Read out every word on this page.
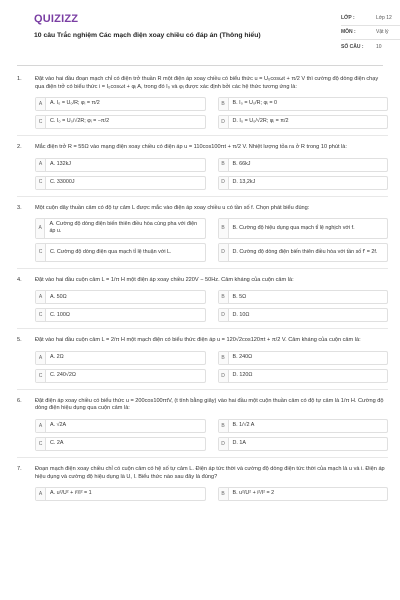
QUIZIZZ
10 câu Trắc nghiệm Các mạch điện xoay chiều có đáp án (Thông hiểu)
LỚP :	Lớp 12
MÔN :	Vật lý
SỐ CÂU :	10
1.	Đặt vào hai đầu đoạn mạch chỉ có điện trở thuần R một điện áp xoay chiều có biểu thức u = U₀cosωt + π/2 V thì cường độ dòng điện chạy qua điện trở có biểu thức i = I₀cosωt + φᵢ A, trong đó I₀ và φᵢ được xác định bởi các hệ thức tương ứng là:
A	A. I₀ = U₀/R; φᵢ = π/2	B	B. I₀ = U₀/R; φᵢ = 0
C	C. I₀ = U₀/√2R; φᵢ = −π/2	D	D. I₀ = U₀/√2R; φᵢ = π/2
2.	Mắc điện trở R = 55Ω vào mạng điện xoay chiều có điện áp u = 110cos100πt + π/2 V. Nhiệt lượng tỏa ra ở R trong 10 phút là:
A	A. 132kJ	B	B. 66kJ
C	C. 33000J	D	D. 13,2kJ
3.	Một cuộn dây thuần cảm có độ tự cảm L được mắc vào điện áp xoay chiều u có tần số f. Chọn phát biểu đúng:
A
A. Cường độ dòng điện biến thiên điều hòa cùng pha với điện áp u.
B	B. Cường độ hiệu dụng qua mạch tỉ lệ nghịch với f.
C	C. Cường độ dòng điện qua mạch tỉ lệ thuận với L.	D	D. Cường độ dòng điện biến thiên điều hòa với tần số f' = 2f.
4.	Đặt vào hai đầu cuộn cảm L = 1/π H một điện áp xoay chiều 220V − 50Hz. Cảm kháng của cuộn cảm là:
A	A. 50Ω	B	B. 5Ω
C	C. 100Ω	D	D. 10Ω
5.	Đặt vào hai đầu cuộn cảm L = 2/π H một mạch điện có biểu thức điện áp u = 120√2cos120πt + π/2 V. Cảm kháng của cuộn cảm là:
A	A. 2Ω	B	B. 240Ω
C	C. 240√2Ω	D	D. 120Ω
6.	Đặt điện áp xoay chiều có biểu thức u = 200cos100πtV, (t tính bằng giây) vào hai đầu một cuộn thuần cảm có độ tự cảm là 1/π H. Cường độ dòng điện hiệu dụng qua cuộn cảm là:
A	A. √2A	B	B. 1/√2 A
C	C. 2A	D	D. 1A
7.	Đoạn mạch điện xoay chiều chỉ có cuộn cảm có hệ số tự cảm L. Điện áp tức thời và cường độ dòng điện tức thời của mạch là u và i. Điện áp hiệu dụng và cường độ hiệu dụng là U, I. Biểu thức nào sau đây là đúng?
A	A. u²/U² + i²/I² = 1	B	B. u²/U² + i²/I² = 2
